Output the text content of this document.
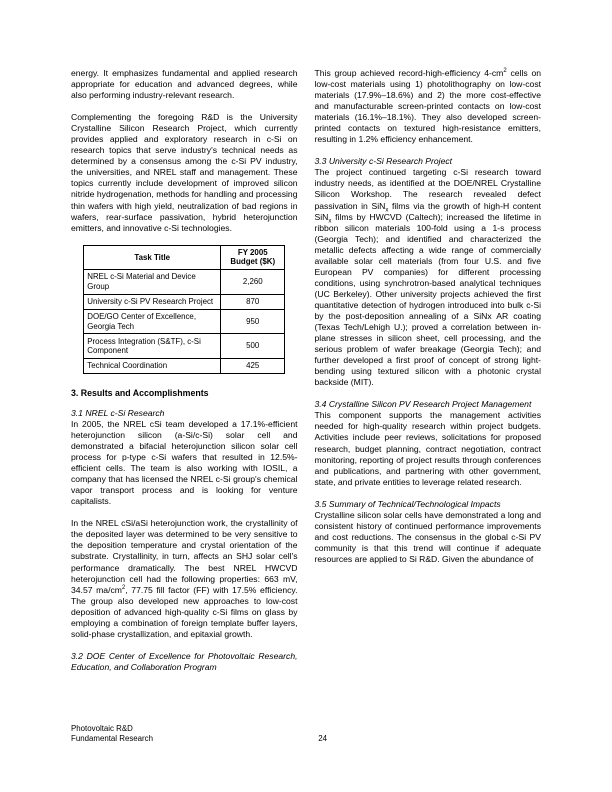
energy. It emphasizes fundamental and applied research appropriate for education and advanced degrees, while also performing industry-relevant research.

Complementing the foregoing R&D is the University Crystalline Silicon Research Project, which currently provides applied and exploratory research in c-Si on research topics that serve industry's technical needs as determined by a consensus among the c-Si PV industry, the universities, and NREL staff and management. These topics currently include development of improved silicon nitride hydrogenation, methods for handling and processing thin wafers with high yield, neutralization of bad regions in wafers, rear-surface passivation, hybrid heterojunction emitters, and innovative c-Si technologies.

Task Title	FY 2005
Budget ($K)
NREL c-Si Material and Device Group	2,260
University c-Si PV Research Project	870
DOE/GO Center of Excellence, Georgia Tech	950
Process Integration (S&TF), c-Si Component	500
Technical Coordination	425
3. Results and Accomplishments
3.1 NREL c-Si Research

In 2005, the NREL cSi team developed a 17.1%-efficient heterojunction silicon (a-Si/c-Si) solar cell and demonstrated a bifacial heterojunction silicon solar cell process for p-type c-Si wafers that resulted in 12.5%-efficient cells. The team is also working with IOSIL, a company that has licensed the NREL c-Si group's chemical vapor transport process and is looking for venture capitalists.

In the NREL cSi/aSi heterojunction work, the crystallinity of the deposited layer was determined to be very sensitive to the deposition temperature and crystal orientation of the substrate. Crystallinity, in turn, affects an SHJ solar cell's performance dramatically. The best NREL HWCVD heterojunction cell had the following properties: 663 mV, 34.57 $ma/cm^2$, 77.75 fill factor (FF) with 17.5% efficiency. The group also developed new approaches to low-cost deposition of advanced high-quality c-Si films on glass by employing a combination of foreign template buffer layers, solid-phase crystallization, and epitaxial growth.

3.2 DOE Center of Excellence for Photovoltaic Research, Education, and Collaboration Program

This group achieved record-high-efficiency $4-cm^2$ cells on low-cost materials using 1) photolithography on low-cost materials (17.9%–18.6%) and 2) the more cost-effective and manufacturable screen-printed contacts on low-cost materials (16.1%–18.1%). They also developed screen-printed contacts on textured high-resistance emitters, resulting in 1.2% efficiency enhancement.

3.3 University c-Si Research Project

The project continued targeting c-Si research toward industry needs, as identified at the DOE/NREL Crystalline Silicon Workshop. The research revealed defect passivation in SiN$_x$ films via the growth of high-H content SiN$_x$ films by HWCVD (Caltech); increased the lifetime in ribbon silicon materials 100-fold using a 1-s process (Georgia Tech); and identified and characterized the metallic defects affecting a wide range of commercially available solar cell materials (from four U.S. and five European PV companies) for different processing conditions, using synchrotron-based analytical techniques (UC Berkeley). Other university projects achieved the first quantitative detection of hydrogen introduced into bulk c-Si by the post-deposition annealing of a SiNx AR coating (Texas Tech/Lehigh U.); proved a correlation between in-plane stresses in silicon sheet, cell processing, and the serious problem of wafer breakage (Georgia Tech); and further developed a first proof of concept of strong light-bending using textured silicon with a photonic crystal backside (MIT).

3.4 Crystalline Silicon PV Research Project Management

This component supports the management activities needed for high-quality research within project budgets. Activities include peer reviews, solicitations for proposed research, budget planning, contract negotiation, contract monitoring, reporting of project results through conferences and publications, and partnering with other government, state, and private entities to leverage related research.

3.5 Summary of Technical/Technological Impacts

Crystalline silicon solar cells have demonstrated a long and consistent history of continued performance improvements and cost reductions. The consensus in the global c-Si PV community is that this trend will continue if adequate resources are applied to Si R&D. Given the abundance of

Photovoltaic R&D
Fundamental Research	24
